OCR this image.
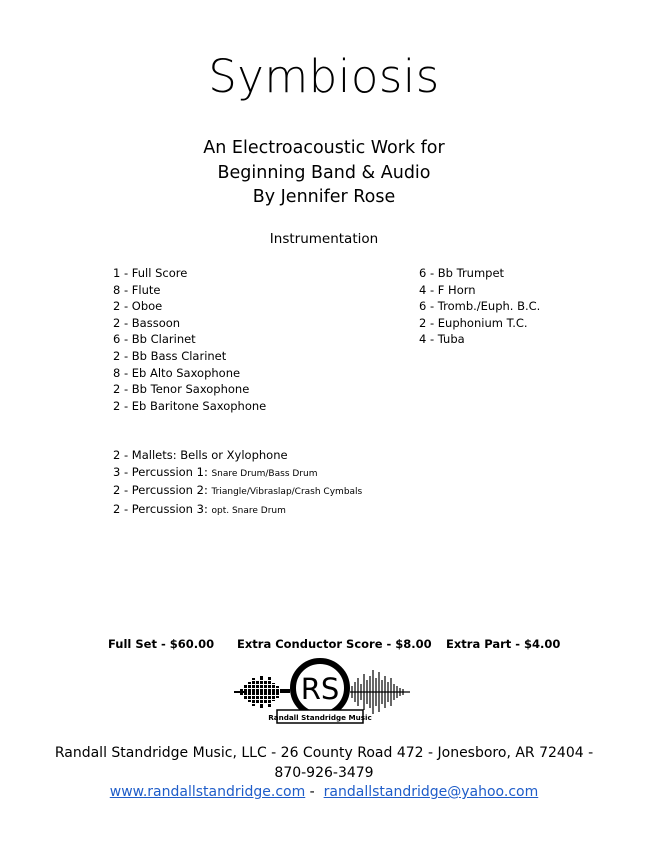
Symbiosis
An Electroacoustic Work for
Beginning Band & Audio
By Jennifer Rose
Instrumentation
1 - Full Score
8 - Flute
2 - Oboe
2 - Bassoon
6 - Bb Clarinet
2 - Bb Bass Clarinet
8 - Eb Alto Saxophone
2 - Bb Tenor Saxophone
2 - Eb Baritone Saxophone
6 - Bb Trumpet
4 - F Horn
6 - Tromb./Euph. B.C.
2 - Euphonium T.C.
4 - Tuba
2 - Mallets: Bells or Xylophone
3 - Percussion 1: Snare Drum/Bass Drum
2 - Percussion 2: Triangle/Vibraslap/Crash Cymbals
2 - Percussion 3: opt. Snare Drum
Full Set - $60.00 Extra Conductor Score - $8.00 Extra Part - $4.00
RS
Randall Standridge Music
Randall Standridge Music, LLC - 26 County Road 472 - Jonesboro, AR 72404 -
870-926-3479
www.randallstandridge.com -  randallstandridge@yahoo.com
